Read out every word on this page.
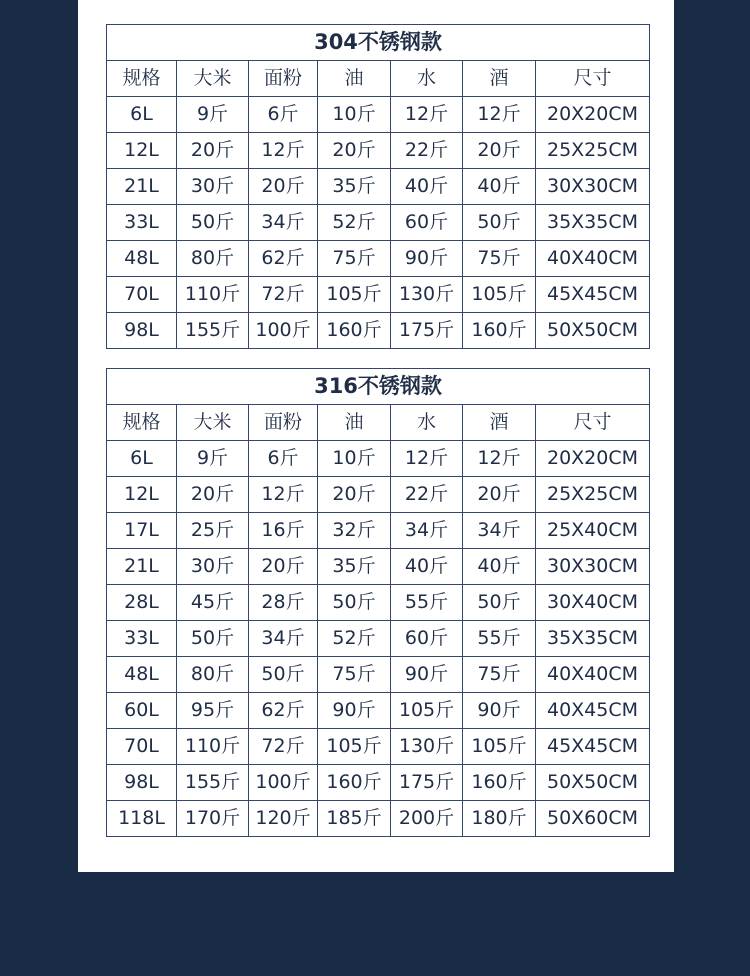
304不锈钢款						
规格	大米	面粉	油	水	酒	尺寸
6L	9斤	6斤	10斤	12斤	12斤	20X20CM
12L	20斤	12斤	20斤	22斤	20斤	25X25CM
21L	30斤	20斤	35斤	40斤	40斤	30X30CM
33L	50斤	34斤	52斤	60斤	50斤	35X35CM
48L	80斤	62斤	75斤	90斤	75斤	40X40CM
70L	110斤	72斤	105斤	130斤	105斤	45X45CM
98L	155斤	100斤	160斤	175斤	160斤	50X50CM
316不锈钢款						
规格	大米	面粉	油	水	酒	尺寸
6L	9斤	6斤	10斤	12斤	12斤	20X20CM
12L	20斤	12斤	20斤	22斤	20斤	25X25CM
17L	25斤	16斤	32斤	34斤	34斤	25X40CM
21L	30斤	20斤	35斤	40斤	40斤	30X30CM
28L	45斤	28斤	50斤	55斤	50斤	30X40CM
33L	50斤	34斤	52斤	60斤	55斤	35X35CM
48L	80斤	50斤	75斤	90斤	75斤	40X40CM
60L	95斤	62斤	90斤	105斤	90斤	40X45CM
70L	110斤	72斤	105斤	130斤	105斤	45X45CM
98L	155斤	100斤	160斤	175斤	160斤	50X50CM
118L	170斤	120斤	185斤	200斤	180斤	50X60CM
